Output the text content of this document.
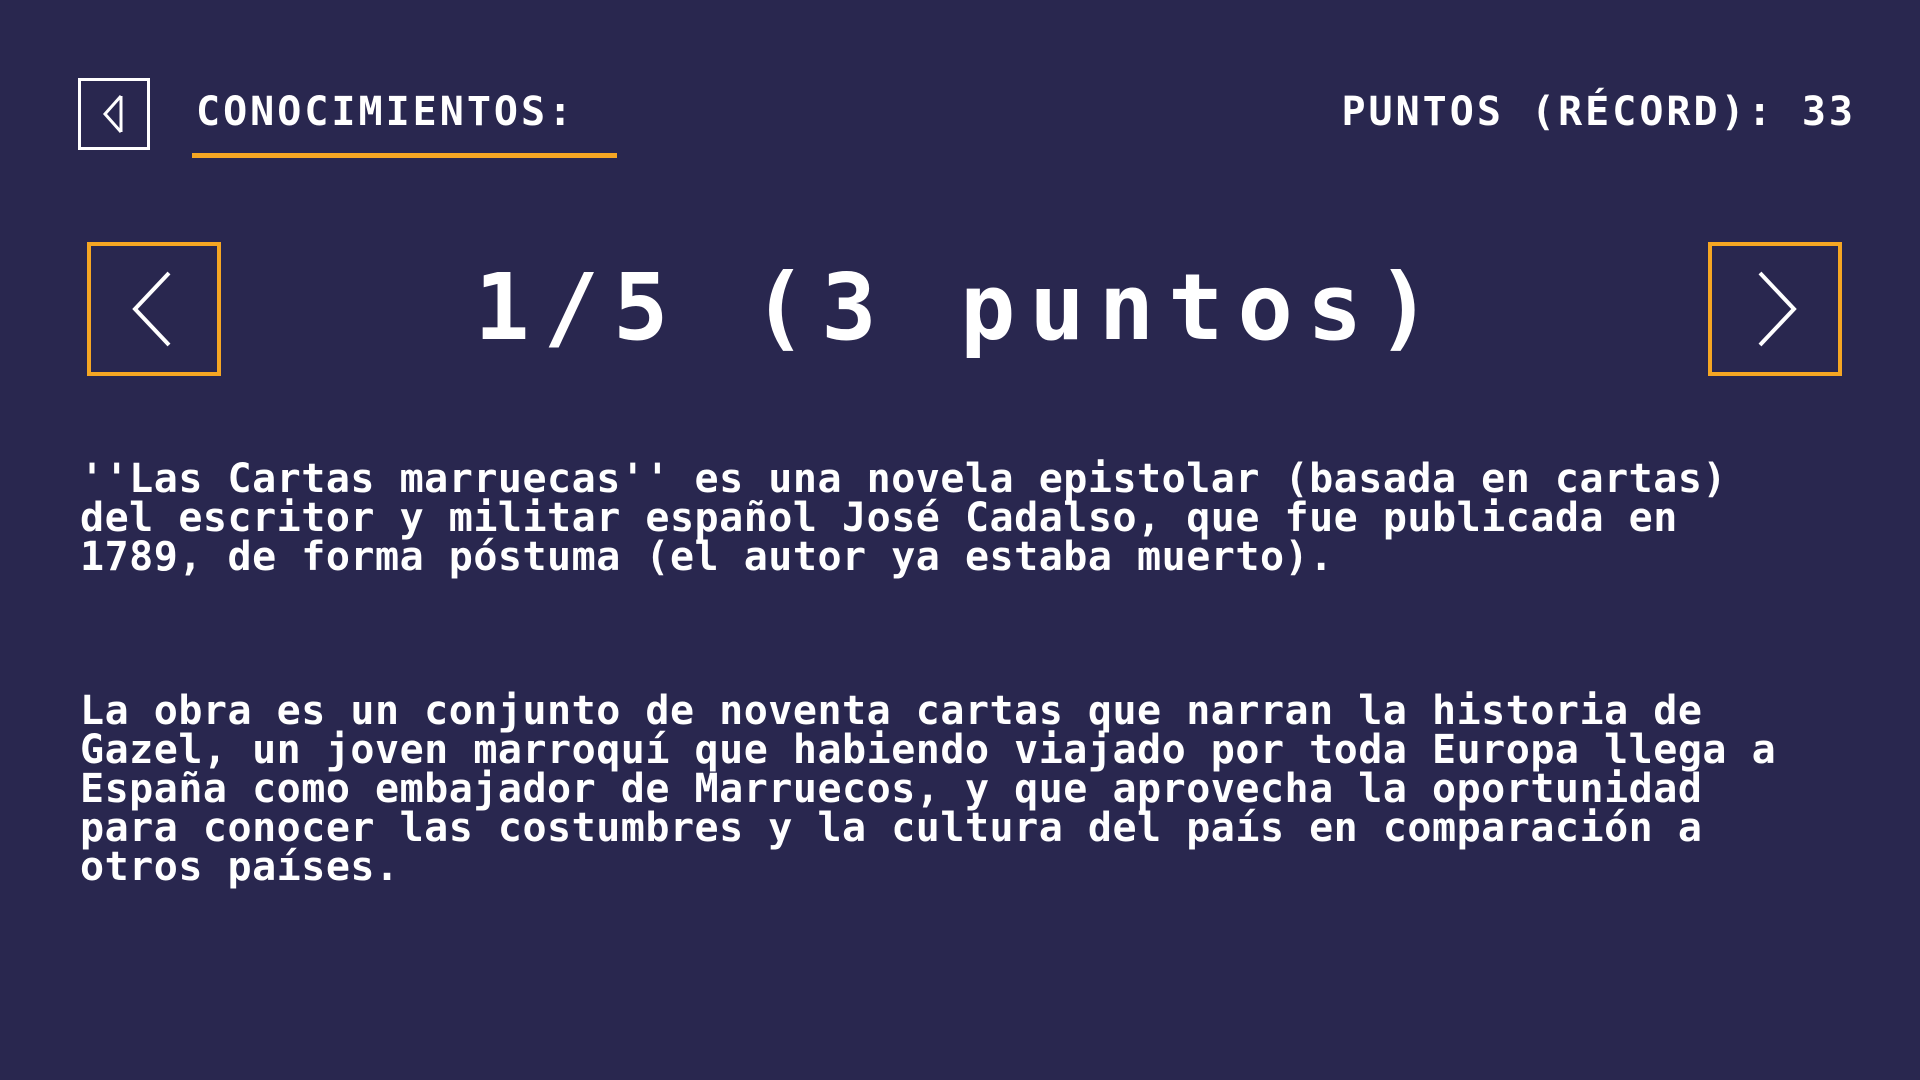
CONOCIMIENTOS:	PUNTOS (RÉCORD): 33
1/5 (3 puntos)

''Las Cartas marruecas'' es una novela epistolar (basada en cartas) del escritor y militar español José Cadalso, que fue publicada en 1789, de forma póstuma (el autor ya estaba muerto).

La obra es un conjunto de noventa cartas que narran la historia de Gazel, un joven marroquí que habiendo viajado por toda Europa llega a España como embajador de Marruecos, y que aprovecha la oportunidad para conocer las costumbres y la cultura del país en comparación a otros países.
